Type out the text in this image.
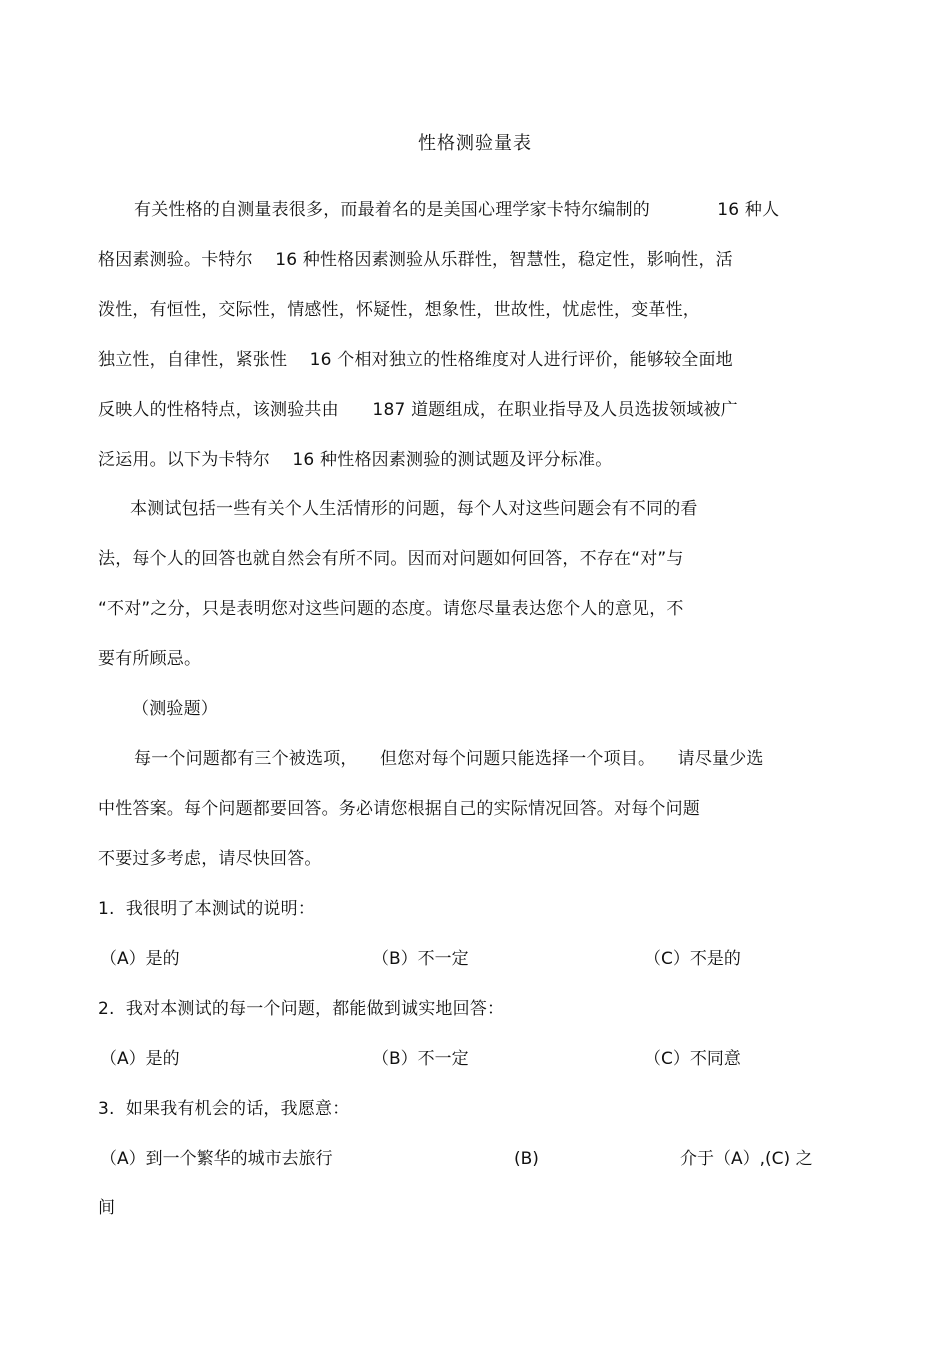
性格测验量表
有关性格的自测量表很多，而最着名的是美国心理学家卡特尔编制的            16 种人
格因素测验。卡特尔    16 种性格因素测验从乐群性，智慧性，稳定性，影响性，活
泼性，有恒性，交际性，情感性，怀疑性，想象性，世故性，忧虑性，变革性，
独立性，自律性，紧张性    16 个相对独立的性格维度对人进行评价，能够较全面地
反映人的性格特点，该测验共由      187 道题组成，在职业指导及人员选拔领域被广
泛运用。以下为卡特尔    16 种性格因素测验的测试题及评分标准。
本测试包括一些有关个人生活情形的问题，每个人对这些问题会有不同的看
法，每个人的回答也就自然会有所不同。因而对问题如何回答，不存在“对”与
“不对”之分，只是表明您对这些问题的态度。请您尽量表达您个人的意见，不
要有所顾忌。
（测验题）
每一个问题都有三个被选项，    但您对每个问题只能选择一个项目。    请尽量少选
中性答案。每个问题都要回答。务必请您根据自己的实际情况回答。对每个问题
不要过多考虑，请尽快回答。
1.  我很明了本测试的说明：
（A）是的	（B）不一定	（C）不是的
2.  我对本测试的每一个问题，都能做到诚实地回答：
（A）是的	（B）不一定	（C）不同意
3.  如果我有机会的话，我愿意：
（A）到一个繁华的城市去旅行	(B)	介于（A）,(C) 之
间
